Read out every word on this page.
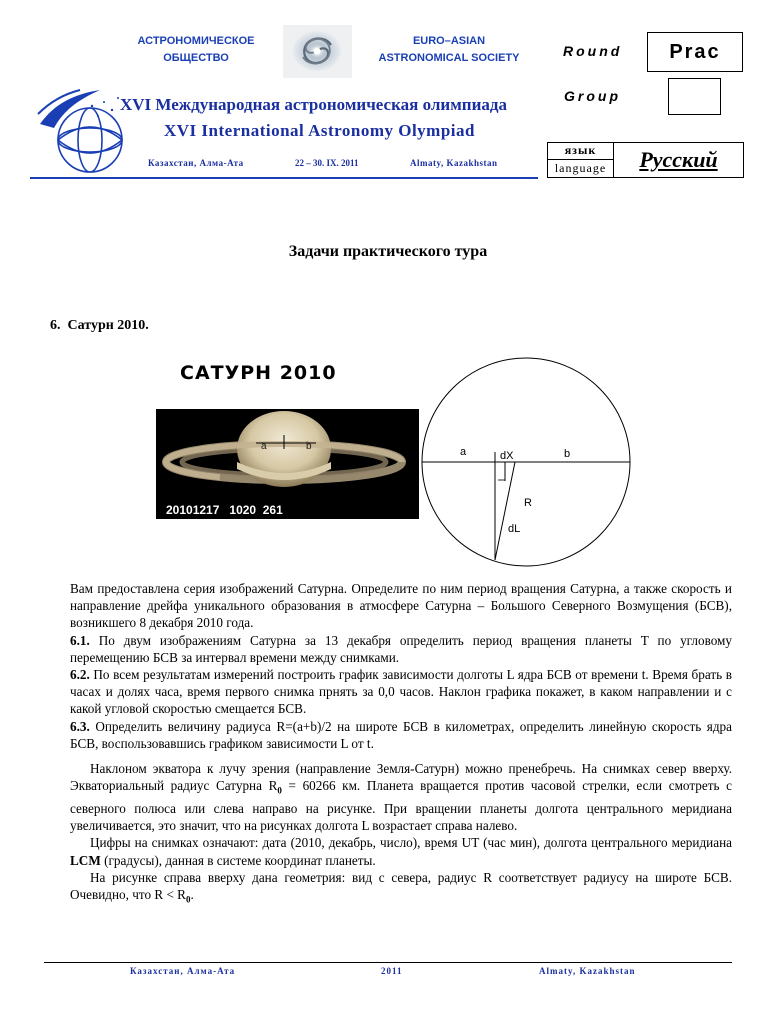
АСТРОНОМИЧЕСКОЕ
ОБЩЕСТВО
EURO–ASIAN
ASTRONOMICAL SOCIETY
XVI Международная астрономическая олимпиада
XVI International Astronomy Olympiad
Казахстан, Алма-Ата	22 – 30. IX. 2011	Almaty, Kazakhstan
Round Prac
Group
язык
language	Русский
Задачи практического тура
6.  Сатурн 2010.
САТУРН 2010
a	b
20101217   1020  261
a	dX	b
R
dL
Вам предоставлена серия изображений Сатурна. Определите по ним период вращения Сатурна, а также скорость и направление дрейфа уникального образования в атмосфере Сатурна – Большого Северного Возмущения (БСВ), возникшего 8 декабря 2010 года.
6.1. По двум изображениям Сатурна за 13 декабря определить период вращения планеты T по угловому перемещению БСВ за интервал времени между снимками.
6.2. По всем результатам измерений построить график зависимости долготы L ядра БСВ от времени t. Время брать в часах и долях часа, время первого снимка прнять за 0,0 часов. Наклон графика покажет, в каком направлении и с какой угловой скоростью смещается БСВ.
6.3. Определить величину радиуса R=(a+b)/2 на широте БСВ в километрах, определить линейную скорость ядра БСВ, воспользовавшись графиком зависимости L от t.
Наклоном экватора к лучу зрения (направление Земля-Сатурн) можно пренебречь. На снимках север вверху. Экваториальный радиус Сатурна $R_0 = 60266$ км. Планета вращается против часовой стрелки, если смотреть с северного полюса или слева направо на рисунке. При вращении планеты долгота центрального меридиана увеличивается, это значит, что на рисунках долгота L возрастает справа налево.
Цифры на снимках означают: дата (2010, декабрь, число), время UT (час мин), долгота центрального меридиана LCM (градусы), данная в системе координат планеты.
На рисунке справа вверху дана геометрия: вид с севера, радиус R соответствует радиусу на широте БСВ. Очевидно, что $R < R_0$.
Казахстан, Алма-Ата	2011	Almaty, Kazakhstan
